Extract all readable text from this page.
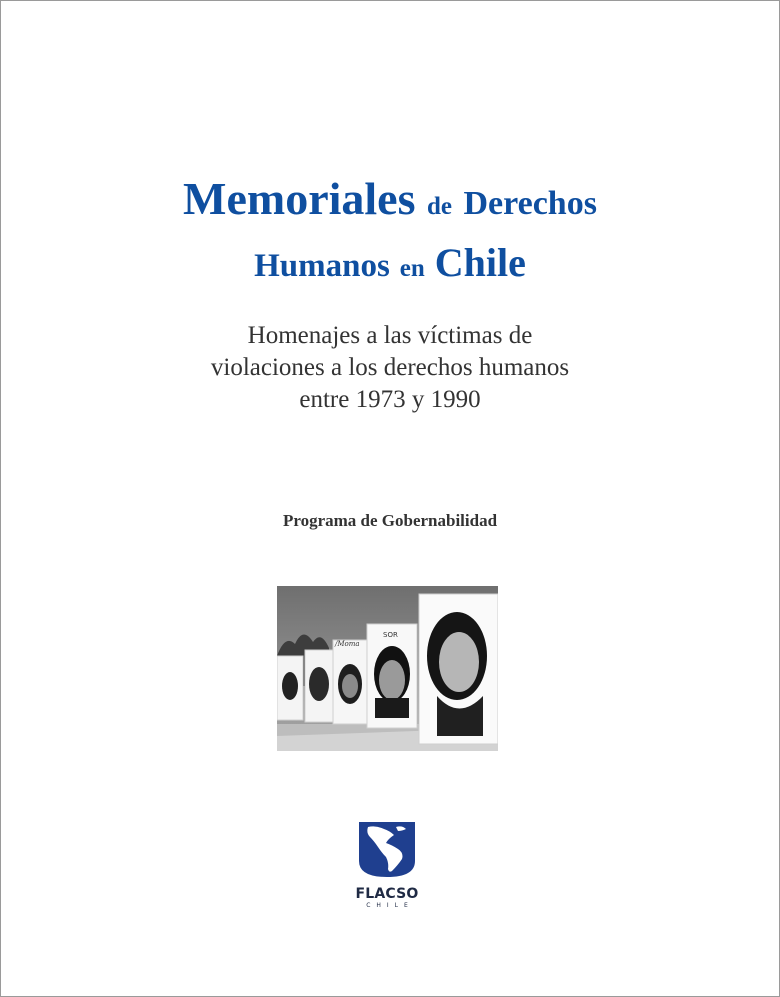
Memoriales de Derechos
Humanos en Chile
Homenajes a las víctimas de
violaciones a los derechos humanos
entre 1973 y 1990
Programa de Gobernabilidad
/Moma
SOR
FLACSO
CHILE
